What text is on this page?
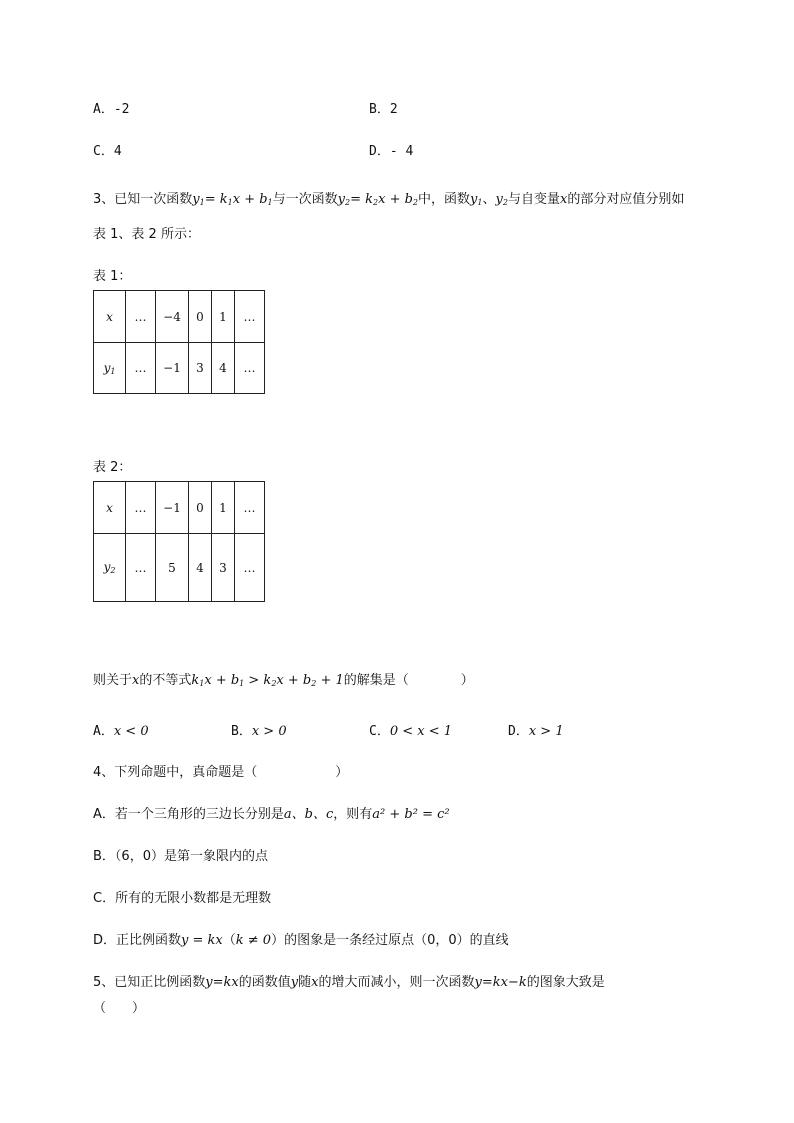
A．-2	B．2
C．4	D．- 4
3、已知一次函数$y_1= k_1x + b_1$与一次函数$y_2= k_2x + b_2$中，函数$y_1$、$y_2$与自变量x的部分对应值分别如
表 1、表 2 所示：
表 1：
x	…	−4	0	1	…
$y_1$	…	−1	3	4	…
表 2：
x	…	−1	0	1	…
$y_2$	…	5	4	3	…
则关于x的不等式$k_1x + b_1 > k_2x + b_2 + 1$的解集是（　　　　）
A．x < 0	B．x > 0	C．0 < x < 1	D．x > 1
4、下列命题中，真命题是（　　　　　　）
A．若一个三角形的三边长分别是a、b、c，则有a² + b² = c²
B．（6，0）是第一象限内的点
C．所有的无限小数都是无理数
D．正比例函数y = kx（k ≠ 0）的图象是一条经过原点（0，0）的直线
5、已知正比例函数y=kx的函数值y随x的增大而减小，则一次函数y=kx−k的图象大致是
（　　）
